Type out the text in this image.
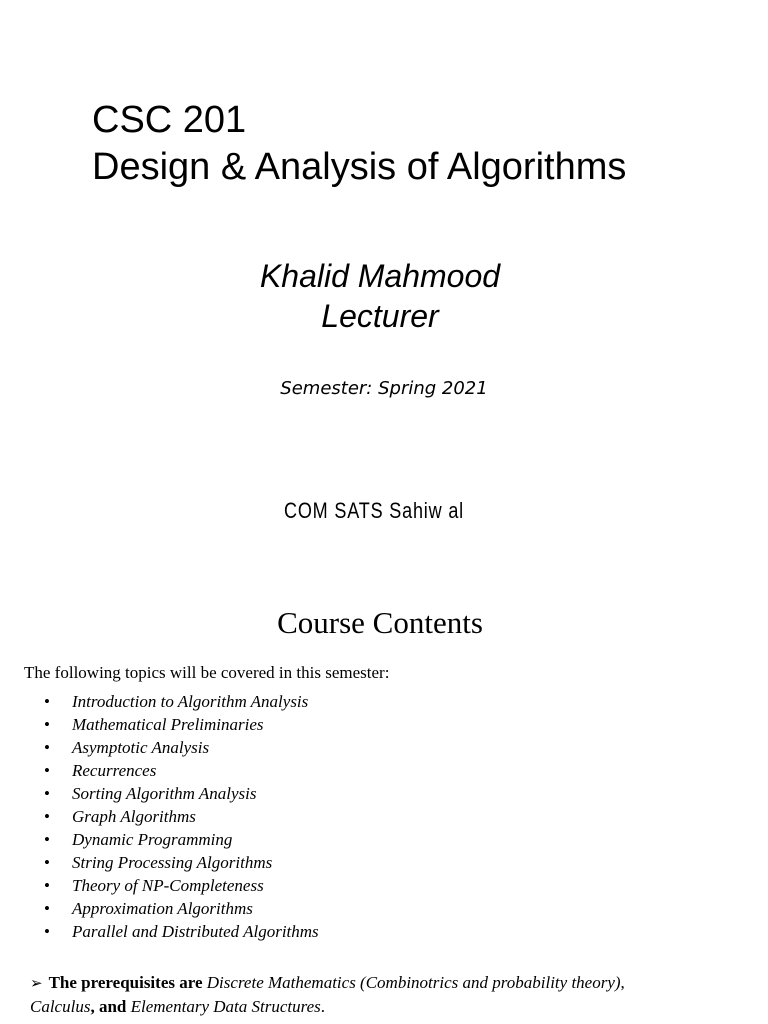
CSC 201
Design & Analysis of Algorithms
Khalid Mahmood
Lecturer
Semester: Spring 2021
COM SATS Sahiw al
Course Contents
The following topics will be covered in this semester:
• Introduction to Algorithm Analysis
• Mathematical Preliminaries
• Asymptotic Analysis
• Recurrences
• Sorting Algorithm Analysis
• Graph Algorithms
• Dynamic Programming
• String Processing Algorithms
• Theory of NP-Completeness
• Approximation Algorithms
• Parallel and Distributed Algorithms
➢ The prerequisites are Discrete Mathematics (Combinotrics and probability theory),
Calculus, and Elementary Data Structures.
